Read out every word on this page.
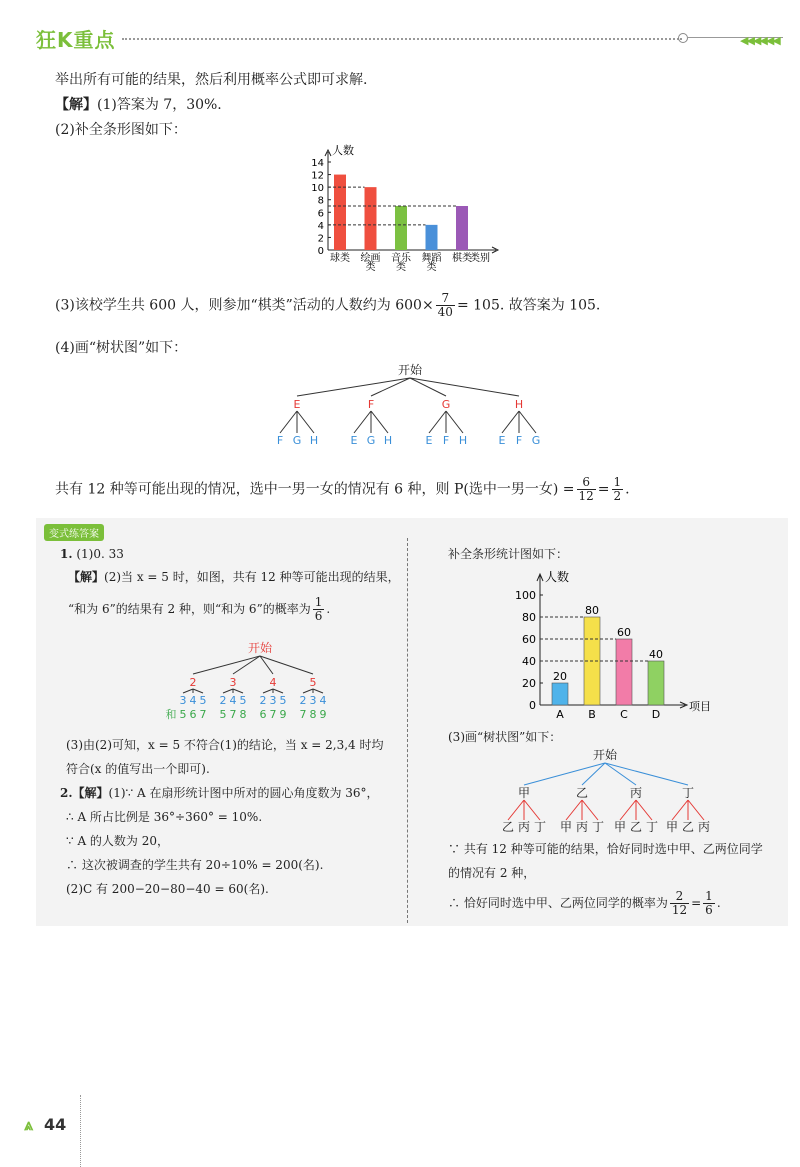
狂K重点	◀◀◀◀◀◀
举出所有可能的结果，然后利用概率公式即可求解.
【解】(1)答案为 7，30%.
(2)补全条形图如下：
人数
0
2
4
6
8
10
12
14
球类 绘画
类
音乐
类
舞蹈
类
棋类
类别
(3)该校学生共 600 人，则参加“棋类”活动的人数约为 $600\times \frac{7}{40} = 105$. 故答案为 105.
(4)画“树状图”如下：
开始
E
F G H
F
E G H
G
E F H
H
E F G
共有 12 种等可能出现的情况，选中一男一女的情况有 6 种，则 P(选中一男一女) = $\frac{6}{12} = \frac{1}{2}$ .
变式练答案
1. (1)0. 33
【解】(2)当 x = 5 时，如图，共有 12 种等可能出现的结果，
“和为 6”的结果有 2 种，则“和为 6”的概率为 $\frac{1}{6}$ .
开始
2
3
5
4
6
5
7
3
2
5
4
7
5
8
4
2
6
3
7
5
9
5
2
7
3
8
4
9
和
(3)由(2)可知，x = 5 不符合(1)的结论，当 x = 2,3,4 时均
符合(x 的值写出一个即可).
2.【解】(1)∵ A 在扇形统计图中所对的圆心角度数为 36°，
∴ A 所占比例是 36°÷360° = 10%.
∵ A 的人数为 20，
∴ 这次被调查的学生共有 20÷10% = 200(名).
(2)C 有 200−20−80−40 = 60(名).
补全条形统计图如下：
人数
0
20
40
60
80
100
20
A
80
B
60
C
40
D
项目
(3)画“树状图”如下：
开始
甲
乙 丙 丁
乙
甲 丙 丁
丙
甲 乙 丁
丁
甲 乙 丙
∵ 共有 12 种等可能的结果，恰好同时选中甲、乙两位同学
的情况有 2 种，
∴ 恰好同时选中甲、乙两位同学的概率为 $\frac{2}{12} = \frac{1}{6}$ .
⩓ 44
